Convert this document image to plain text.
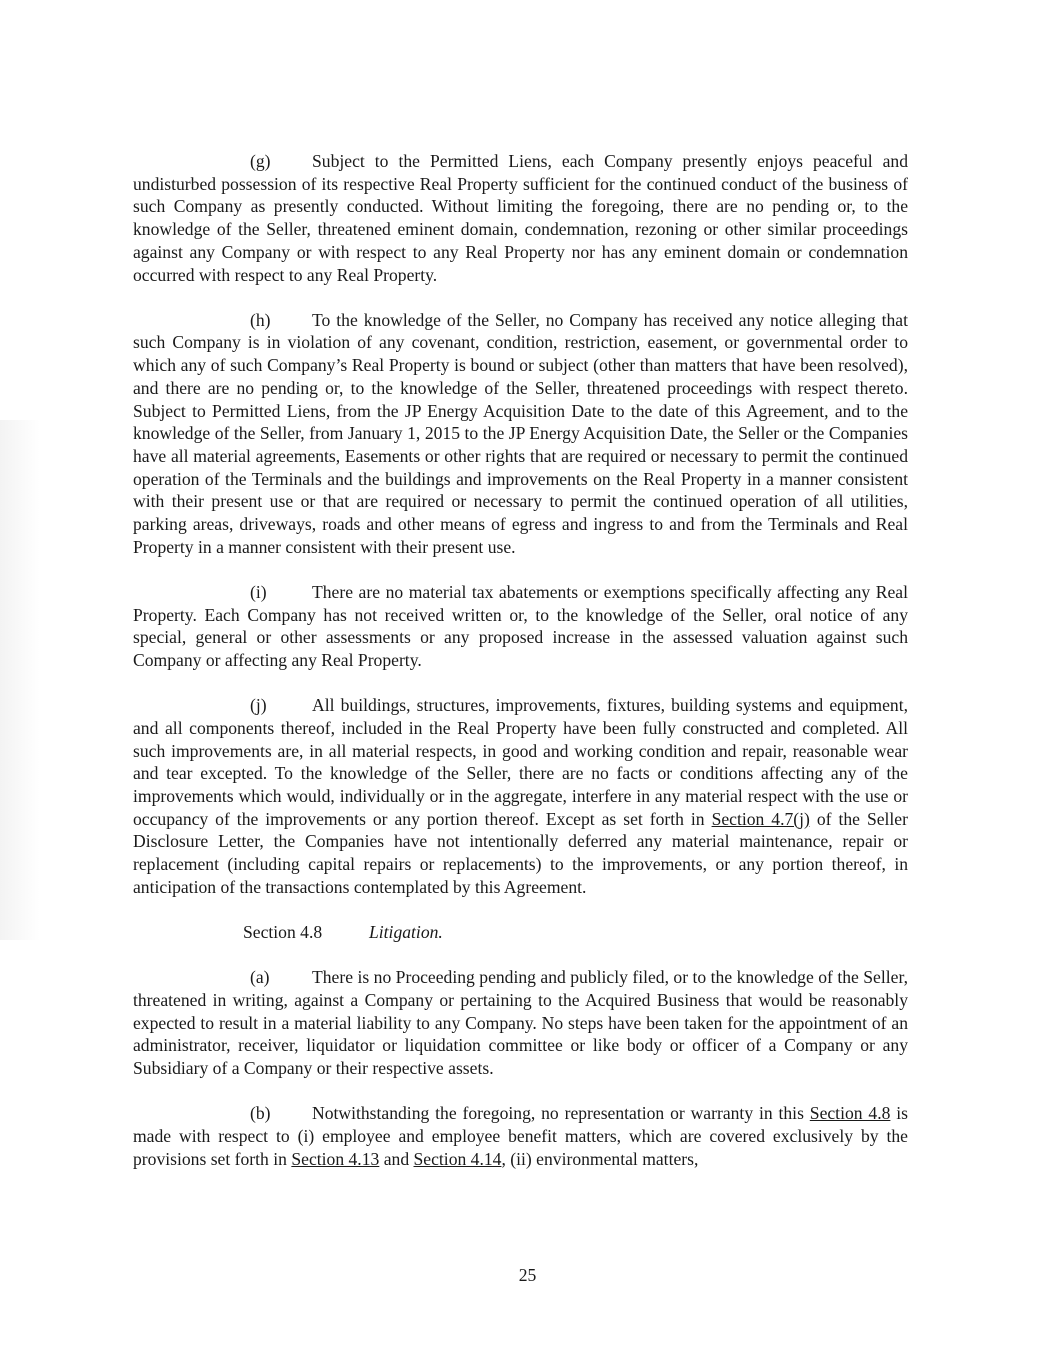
(g) Subject to the Permitted Liens, each Company presently enjoys peaceful and undisturbed possession of its respective Real Property sufficient for the continued conduct of the business of such Company as presently conducted. Without limiting the foregoing, there are no pending or, to the knowledge of the Seller, threatened eminent domain, condemnation, rezoning or other similar proceedings against any Company or with respect to any Real Property nor has any eminent domain or condemnation occurred with respect to any Real Property.

(h) To the knowledge of the Seller, no Company has received any notice alleging that such Company is in violation of any covenant, condition, restriction, easement, or governmental order to which any of such Company’s Real Property is bound or subject (other than matters that have been resolved), and there are no pending or, to the knowledge of the Seller, threatened proceedings with respect thereto. Subject to Permitted Liens, from the JP Energy Acquisition Date to the date of this Agreement, and to the knowledge of the Seller, from January 1, 2015 to the JP Energy Acquisition Date, the Seller or the Companies have all material agreements, Easements or other rights that are required or necessary to permit the continued operation of the Terminals and the buildings and improvements on the Real Property in a manner consistent with their present use or that are required or necessary to permit the continued operation of all utilities, parking areas, driveways, roads and other means of egress and ingress to and from the Terminals and Real Property in a manner consistent with their present use.

(i)	There are no material tax abatements or exemptions specifically affecting any Real Property. Each Company has not received written or, to the knowledge of the Seller, oral notice of any special, general or other assessments or any proposed increase in the assessed valuation against such Company or affecting any Real Property.

(j)	All buildings, structures, improvements, fixtures, building systems and equipment, and all components thereof, included in the Real Property have been fully constructed and completed. All such improvements are, in all material respects, in good and working condition and repair, reasonable wear and tear excepted. To the knowledge of the Seller, there are no facts or conditions affecting any of the improvements which would, individually or in the aggregate, interfere in any material respect with the use or occupancy of the improvements or any portion thereof. Except as set forth in Section 4.7(j) of the Seller Disclosure Letter, the Companies have not intentionally deferred any material maintenance, repair or replacement (including capital repairs or replacements) to the improvements, or any portion thereof, in anticipation of the transactions contemplated by this Agreement.

Section 4.8	Litigation.

(a) There is no Proceeding pending and publicly filed, or to the knowledge of the Seller, threatened in writing, against a Company or pertaining to the Acquired Business that would be reasonably expected to result in a material liability to any Company. No steps have been taken for the appointment of an administrator, receiver, liquidator or liquidation committee or like body or officer of a Company or any Subsidiary of a Company or their respective assets.

(b) Notwithstanding the foregoing, no representation or warranty in this Section 4.8 is made with respect to (i) employee and employee benefit matters, which are covered exclusively by the provisions set forth in Section 4.13 and Section 4.14, (ii) environmental matters,

25
